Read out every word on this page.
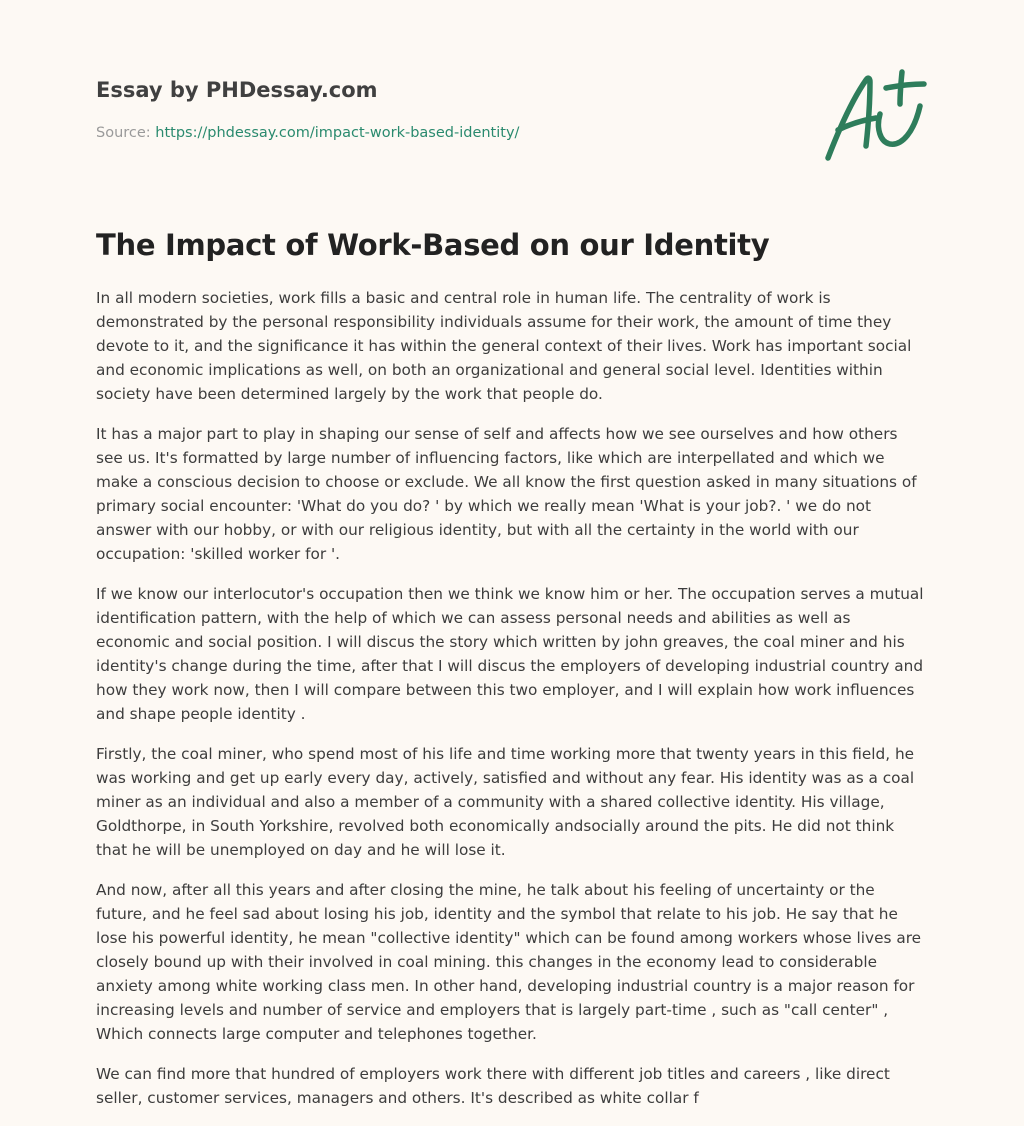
Essay by PHDessay.com
Source: https://phdessay.com/impact-work-based-identity/
The Impact of Work-Based on our Identity

In all modern societies, work fills a basic and central role in human life. The centrality of work is demonstrated by the personal responsibility individuals assume for their work, the amount of time they devote to it, and the significance it has within the general context of their lives. Work has important social and economic implications as well, on both an organizational and general social level. Identities within society have been determined largely by the work that people do.

It has a major part to play in shaping our sense of self and affects how we see ourselves and how others see us. It's formatted by large number of influencing factors, like which are interpellated and which we make a conscious decision to choose or exclude. We all know the first question asked in many situations of primary social encounter: 'What do you do? ' by which we really mean 'What is your job?. ' we do not answer with our hobby, or with our religious identity, but with all the certainty in the world with our occupation: 'skilled worker for '.

If we know our interlocutor's occupation then we think we know him or her. The occupation serves a mutual identification pattern, with the help of which we can assess personal needs and abilities as well as economic and social position. I will discus the story which written by john greaves, the coal miner and his identity's change during the time, after that I will discus the employers of developing industrial country and how they work now, then I will compare between this two employer, and I will explain how work influences and shape people identity .

Firstly, the coal miner, who spend most of his life and time working more that twenty years in this field, he was working and get up early every day, actively, satisfied and without any fear. His identity was as a coal miner as an individual and also a member of a community with a shared collective identity. His village, Goldthorpe, in South Yorkshire, revolved both economically andsocially around the pits. He did not think that he will be unemployed on day and he will lose it.

And now, after all this years and after closing the mine, he talk about his feeling of uncertainty or the future, and he feel sad about losing his job, identity and the symbol that relate to his job. He say that he lose his powerful identity, he mean "collective identity" which can be found among workers whose lives are closely bound up with their involved in coal mining. this changes in the economy lead to considerable anxiety among white working class men. In other hand, developing industrial country is a major reason for increasing levels and number of service and employers that is largely part-time , such as "call center" , Which connects large computer and telephones together.

We can find more that hundred of employers work there with different job titles and careers , like direct seller, customer services, managers and others. It's described as white collar f
